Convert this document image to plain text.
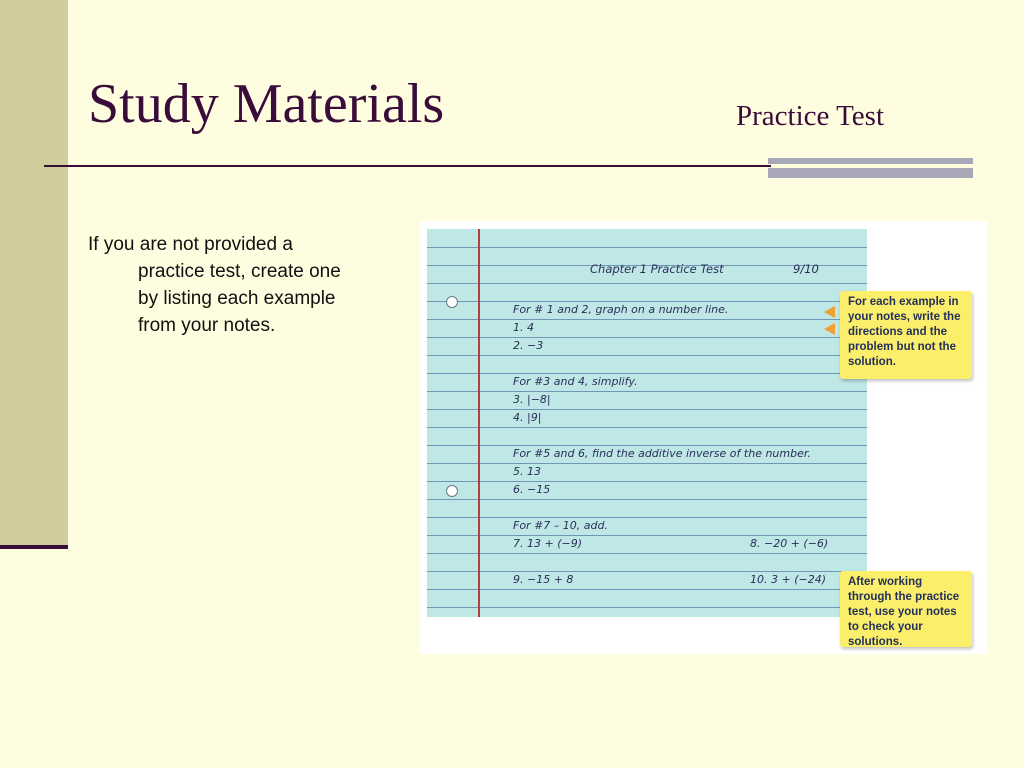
Study Materials	Practice Test
If you are not provided a practice test, create one by listing each example from your notes.
Chapter 1 Practice Test	9/10
For # 1 and 2, graph on a number line.
1. 4
2. −3
For #3 and 4, simplify.
3. |−8|
4. |9|
For #5 and 6, find the additive inverse of the number.
5. 13
6. −15
For #7 – 10, add.
7. 13 + (−9)	8. −20 + (−6)
9. −15 + 8	10. 3 + (−24)
For each example in your notes, write the directions and the problem but not the solution.
After working through the practice test, use your notes to check your solutions.
